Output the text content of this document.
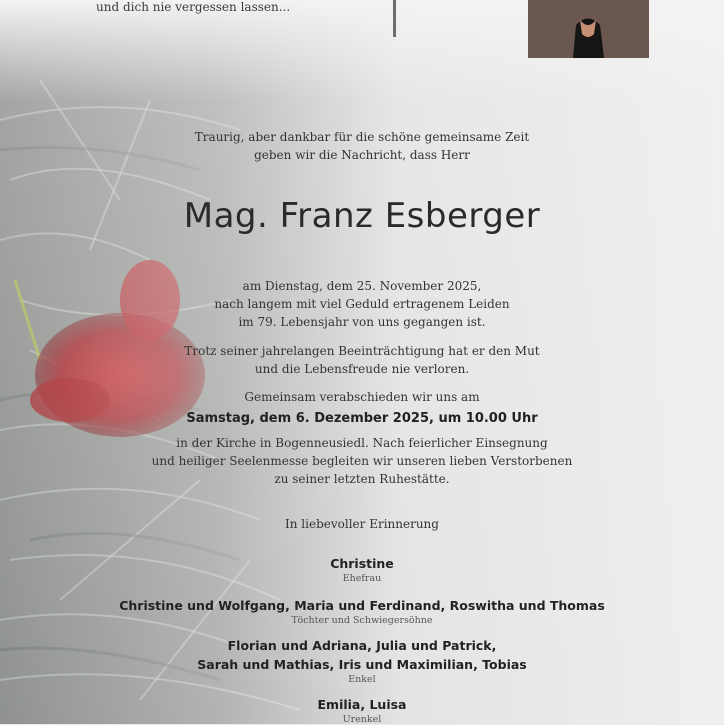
und dich nie vergessen lassen...
Traurig, aber dankbar für die schöne gemeinsame Zeit
geben wir die Nachricht, dass Herr
Mag. Franz Esberger
am Dienstag, dem 25. November 2025,
nach langem mit viel Geduld ertragenem Leiden
im 79. Lebensjahr von uns gegangen ist.
Trotz seiner jahrelangen Beeinträchtigung hat er den Mut
und die Lebensfreude nie verloren.
Gemeinsam verabschieden wir uns am
Samstag, dem 6. Dezember 2025, um 10.00 Uhr
in der Kirche in Bogenneusiedl. Nach feierlicher Einsegnung
und heiliger Seelenmesse begleiten wir unseren lieben Verstorbenen
zu seiner letzten Ruhestätte.
In liebevoller Erinnerung
Christine
Ehefrau
Christine und Wolfgang, Maria und Ferdinand, Roswitha und Thomas
Töchter und Schwiegersöhne
Florian und Adriana, Julia und Patrick,
Sarah und Mathias, Iris und Maximilian, Tobias
Enkel
Emilia, Luisa
Urenkel
